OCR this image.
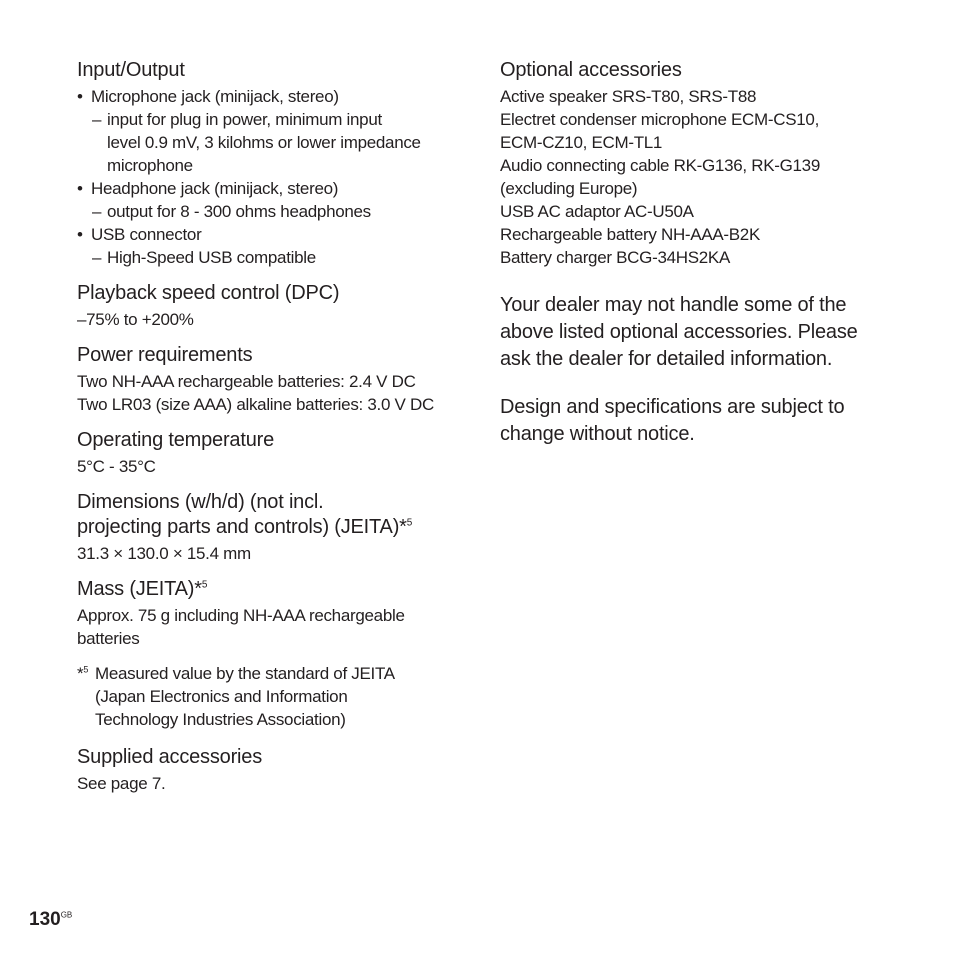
Input/Output
• Microphone jack (minijack, stereo)
– input for plug in power, minimum input
level 0.9 mV, 3 kilohms or lower impedance
microphone
• Headphone jack (minijack, stereo)
– output for 8 - 300 ohms headphones
• USB connector
– High-Speed USB compatible
Playback speed control (DPC)
–75% to +200%
Power requirements
Two NH-AAA rechargeable batteries: 2.4 V DC
Two LR03 (size AAA) alkaline batteries: 3.0 V DC
Operating temperature
5°C - 35°C
Dimensions (w/h/d) (not incl.
projecting parts and controls) (JEITA)*$^5$
31.3 × 130.0 × 15.4 mm
Mass (JEITA)*$^5$
Approx. 75 g including NH-AAA rechargeable
batteries
*$^5$ Measured value by the standard of JEITA
(Japan Electronics and Information
Technology Industries Association)
Supplied accessories
See page 7.
Optional accessories
Active speaker SRS-T80, SRS-T88
Electret condenser microphone ECM-CS10,
ECM-CZ10, ECM-TL1
Audio connecting cable RK-G136, RK-G139
(excluding Europe)
USB AC adaptor AC-U50A
Rechargeable battery NH-AAA-B2K
Battery charger BCG-34HS2KA
Your dealer may not handle some of the
above listed optional accessories. Please
ask the dealer for detailed information.
Design and specifications are subject to
change without notice.
$130^{GB}$
